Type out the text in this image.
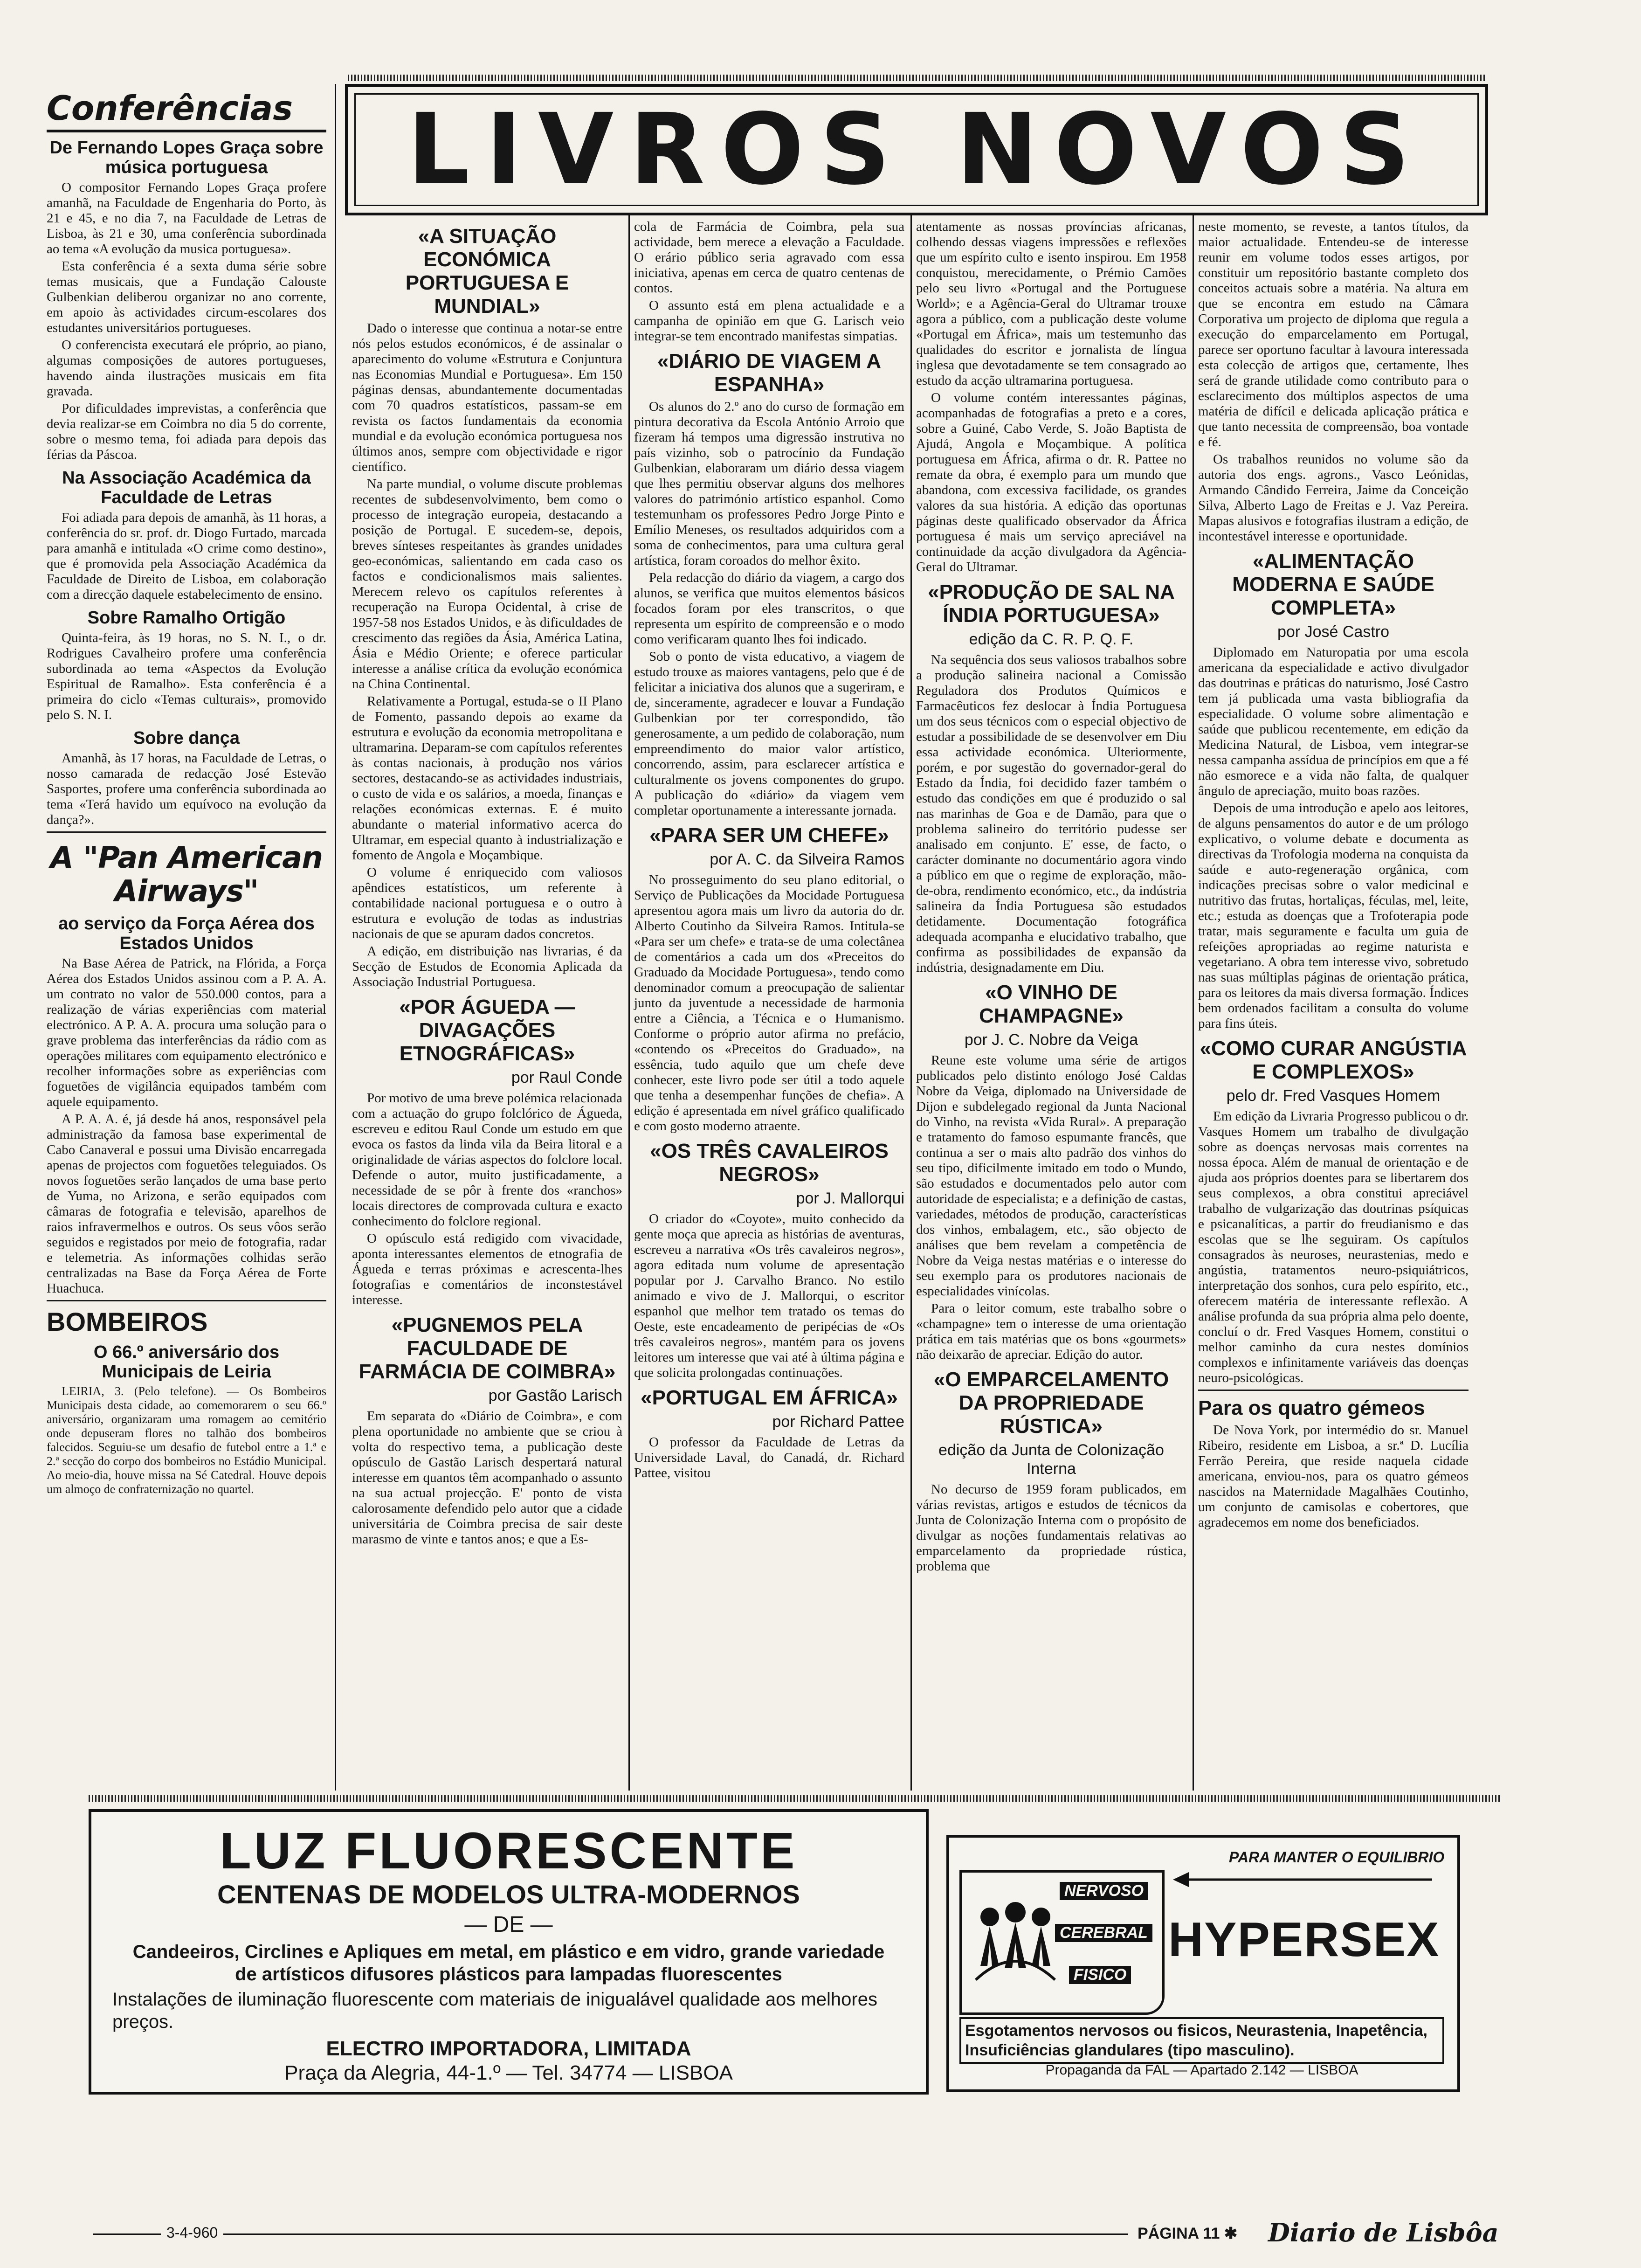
Conferências
De Fernando Lopes Graça sobre música portuguesa

O compositor Fernando Lopes Graça profere amanhã, na Faculdade de Engenharia do Porto, às 21 e 45, e no dia 7, na Faculdade de Letras de Lisboa, às 21 e 30, uma conferência subordinada ao tema «A evolução da musica portuguesa».

Esta conferência é a sexta duma série sobre temas musicais, que a Fundação Calouste Gulbenkian deliberou organizar no ano corrente, em apoio às actividades circum-escolares dos estudantes universitários portugueses.

O conferencista executará ele próprio, ao piano, algumas composições de autores portugueses, havendo ainda ilustrações musicais em fita gravada.

Por dificuldades imprevistas, a conferência que devia realizar-se em Coimbra no dia 5 do corrente, sobre o mesmo tema, foi adiada para depois das férias da Páscoa.

Na Associação Académica da Faculdade de Letras

Foi adiada para depois de amanhã, às 11 horas, a conferência do sr. prof. dr. Diogo Furtado, marcada para amanhã e intitulada «O crime como destino», que é promovida pela Associação Académica da Faculdade de Direito de Lisboa, em colaboração com a direcção daquele estabelecimento de ensino.

Sobre Ramalho Ortigão

Quinta-feira, às 19 horas, no S. N. I., o dr. Rodrigues Cavalheiro profere uma conferência subordinada ao tema «Aspectos da Evolução Espiritual de Ramalho». Esta conferência é a primeira do ciclo «Temas culturais», promovido pelo S. N. I.

Sobre dança

Amanhã, às 17 horas, na Faculdade de Letras, o nosso camarada de redacção José Estevão Sasportes, profere uma conferência subordinada ao tema «Terá havido um equívoco na evolução da dança?».

A "Pan American Airways"
ao serviço da Força Aérea dos Estados Unidos

Na Base Aérea de Patrick, na Flórida, a Força Aérea dos Estados Unidos assinou com a P. A. A. um contrato no valor de 550.000 contos, para a realização de várias experiências com material electrónico. A P. A. A. procura uma solução para o grave problema das interferências da rádio com as operações militares com equipamento electrónico e recolher informações sobre as experiências com foguetões de vigilância equipados também com aquele equipamento.

A P. A. A. é, já desde há anos, responsável pela administração da famosa base experimental de Cabo Canaveral e possui uma Divisão encarregada apenas de projectos com foguetões teleguiados. Os novos foguetões serão lançados de uma base perto de Yuma, no Arizona, e serão equipados com câmaras de fotografia e televisão, aparelhos de raios infravermelhos e outros. Os seus vôos serão seguidos e registados por meio de fotografia, radar e telemetria. As informações colhidas serão centralizadas na Base da Força Aérea de Forte Huachuca.

BOMBEIROS
O 66.º aniversário dos Municipais de Leiria

LEIRIA, 3. (Pelo telefone). — Os Bombeiros Municipais desta cidade, ao comemorarem o seu 66.º aniversário, organizaram uma romagem ao cemitério onde depuseram flores no talhão dos bombeiros falecidos. Seguiu-se um desafio de futebol entre a 1.ª e 2.ª secção do corpo dos bombeiros no Estádio Municipal. Ao meio-dia, houve missa na Sé Catedral. Houve depois um almoço de confraternização no quartel.

LIVROS NOVOS
«A SITUAÇÃO ECONÓMICA PORTUGUESA E MUNDIAL»

Dado o interesse que continua a notar-se entre nós pelos estudos económicos, é de assinalar o aparecimento do volume «Estrutura e Conjuntura nas Economias Mundial e Portuguesa». Em 150 páginas densas, abundantemente documentadas com 70 quadros estatísticos, passam-se em revista os factos fundamentais da economia mundial e da evolução económica portuguesa nos últimos anos, sempre com objectividade e rigor científico.

Na parte mundial, o volume discute problemas recentes de subdesenvolvimento, bem como o processo de integração europeia, destacando a posição de Portugal. E sucedem-se, depois, breves sínteses respeitantes às grandes unidades geo-económicas, salientando em cada caso os factos e condicionalismos mais salientes. Merecem relevo os capítulos referentes à recuperação na Europa Ocidental, à crise de 1957-58 nos Estados Unidos, e às dificuldades de crescimento das regiões da Ásia, América Latina, Ásia e Médio Oriente; e oferece particular interesse a análise crítica da evolução económica na China Continental.

Relativamente a Portugal, estuda-se o II Plano de Fomento, passando depois ao exame da estrutura e evolução da economia metropolitana e ultramarina. Deparam-se com capítulos referentes às contas nacionais, à produção nos vários sectores, destacando-se as actividades industriais, o custo de vida e os salários, a moeda, finanças e relações económicas externas. E é muito abundante o material informativo acerca do Ultramar, em especial quanto à industrialização e fomento de Angola e Moçambique.

O volume é enriquecido com valiosos apêndices estatísticos, um referente à contabilidade nacional portuguesa e o outro à estrutura e evolução de todas as industrias nacionais de que se apuram dados concretos.

A edição, em distribuição nas livrarias, é da Secção de Estudos de Economia Aplicada da Associação Industrial Portuguesa.

«POR ÁGUEDA — DIVAGAÇÕES ETNOGRÁFICAS»
por Raul Conde

Por motivo de uma breve polémica relacionada com a actuação do grupo folclórico de Águeda, escreveu e editou Raul Conde um estudo em que evoca os fastos da linda vila da Beira litoral e a originalidade de várias aspectos do folclore local. Defende o autor, muito justificadamente, a necessidade de se pôr à frente dos «ranchos» locais directores de comprovada cultura e exacto conhecimento do folclore regional.

O opúsculo está redigido com vivacidade, aponta interessantes elementos de etnografia de Águeda e terras próximas e acrescenta-lhes fotografias e comentários de inconstestável interesse.

«PUGNEMOS PELA FACULDADE DE FARMÁCIA DE COIMBRA»
por Gastão Larisch

Em separata do «Diário de Coimbra», e com plena oportunidade no ambiente que se criou à volta do respectivo tema, a publicação deste opúsculo de Gastão Larisch despertará natural interesse em quantos têm acompanhado o assunto na sua actual projecção. E' ponto de vista calorosamente defendido pelo autor que a cidade universitária de Coimbra precisa de sair deste marasmo de vinte e tantos anos; e que a Es-

cola de Farmácia de Coimbra, pela sua actividade, bem merece a elevação a Faculdade. O erário público seria agravado com essa iniciativa, apenas em cerca de quatro centenas de contos.

O assunto está em plena actualidade e a campanha de opinião em que G. Larisch veio integrar-se tem encontrado manifestas simpatias.

«DIÁRIO DE VIAGEM A ESPANHA»

Os alunos do 2.º ano do curso de formação em pintura decorativa da Escola António Arroio que fizeram há tempos uma digressão instrutiva no país vizinho, sob o patrocínio da Fundação Gulbenkian, elaboraram um diário dessa viagem que lhes permitiu observar alguns dos melhores valores do património artístico espanhol. Como testemunham os professores Pedro Jorge Pinto e Emílio Meneses, os resultados adquiridos com a soma de conhecimentos, para uma cultura geral artística, foram coroados do melhor êxito.

Pela redacção do diário da viagem, a cargo dos alunos, se verifica que muitos elementos básicos focados foram por eles transcritos, o que representa um espírito de compreensão e o modo como verificaram quanto lhes foi indicado.

Sob o ponto de vista educativo, a viagem de estudo trouxe as maiores vantagens, pelo que é de felicitar a iniciativa dos alunos que a sugeriram, e de, sinceramente, agradecer e louvar a Fundação Gulbenkian por ter correspondido, tão generosamente, a um pedido de colaboração, num empreendimento do maior valor artístico, concorrendo, assim, para esclarecer artística e culturalmente os jovens componentes do grupo. A publicação do «diário» da viagem vem completar oportunamente a interessante jornada.

«PARA SER UM CHEFE»
por A. C. da Silveira Ramos

No prosseguimento do seu plano editorial, o Serviço de Publicações da Mocidade Portuguesa apresentou agora mais um livro da autoria do dr. Alberto Coutinho da Silveira Ramos. Intitula-se «Para ser um chefe» e trata-se de uma colectânea de comentários a cada um dos «Preceitos do Graduado da Mocidade Portuguesa», tendo como denominador comum a preocupação de salientar junto da juventude a necessidade de harmonia entre a Ciência, a Técnica e o Humanismo. Conforme o próprio autor afirma no prefácio, «contendo os «Preceitos do Graduado», na essência, tudo aquilo que um chefe deve conhecer, este livro pode ser útil a todo aquele que tenha a desempenhar funções de chefia». A edição é apresentada em nível gráfico qualificado e com gosto moderno atraente.

«OS TRÊS CAVALEIROS NEGROS»
por J. Mallorqui

O criador do «Coyote», muito conhecido da gente moça que aprecia as histórias de aventuras, escreveu a narrativa «Os três cavaleiros negros», agora editada num volume de apresentação popular por J. Carvalho Branco. No estilo animado e vivo de J. Mallorqui, o escritor espanhol que melhor tem tratado os temas do Oeste, este encadeamento de peripécias de «Os três cavaleiros negros», mantém para os jovens leitores um interesse que vai até à última página e que solicita prolongadas continuações.

«PORTUGAL EM ÁFRICA»
por Richard Pattee

O professor da Faculdade de Letras da Universidade Laval, do Canadá, dr. Richard Pattee, visitou

atentamente as nossas províncias africanas, colhendo dessas viagens impressões e reflexões que um espírito culto e isento inspirou. Em 1958 conquistou, merecidamente, o Prémio Camões pelo seu livro «Portugal and the Portuguese World»; e a Agência-Geral do Ultramar trouxe agora a público, com a publicação deste volume «Portugal em África», mais um testemunho das qualidades do escritor e jornalista de língua inglesa que devotadamente se tem consagrado ao estudo da acção ultramarina portuguesa.

O volume contém interessantes páginas, acompanhadas de fotografias a preto e a cores, sobre a Guiné, Cabo Verde, S. João Baptista de Ajudá, Angola e Moçambique. A política portuguesa em África, afirma o dr. R. Pattee no remate da obra, é exemplo para um mundo que abandona, com excessiva facilidade, os grandes valores da sua história. A edição das oportunas páginas deste qualificado observador da África portuguesa é mais um serviço apreciável na continuidade da acção divulgadora da Agência-Geral do Ultramar.

«PRODUÇÃO DE SAL NA ÍNDIA PORTUGUESA»
edição da C. R. P. Q. F.

Na sequência dos seus valiosos trabalhos sobre a produção salineira nacional a Comissão Reguladora dos Produtos Químicos e Farmacêuticos fez deslocar à Índia Portuguesa um dos seus técnicos com o especial objectivo de estudar a possibilidade de se desenvolver em Diu essa actividade económica. Ulteriormente, porém, e por sugestão do governador-geral do Estado da Índia, foi decidido fazer também o estudo das condições em que é produzido o sal nas marinhas de Goa e de Damão, para que o problema salineiro do território pudesse ser analisado em conjunto. E' esse, de facto, o carácter dominante no documentário agora vindo a público em que o regime de exploração, mão-de-obra, rendimento económico, etc., da indústria salineira da Índia Portuguesa são estudados detidamente. Documentação fotográfica adequada acompanha e elucidativo trabalho, que confirma as possibilidades de expansão da indústria, designadamente em Diu.

«O VINHO DE CHAMPAGNE»
por J. C. Nobre da Veiga

Reune este volume uma série de artigos publicados pelo distinto enólogo José Caldas Nobre da Veiga, diplomado na Universidade de Dijon e subdelegado regional da Junta Nacional do Vinho, na revista «Vida Rural». A preparação e tratamento do famoso espumante francês, que continua a ser o mais alto padrão dos vinhos do seu tipo, dificilmente imitado em todo o Mundo, são estudados e documentados pelo autor com autoridade de especialista; e a definição de castas, variedades, métodos de produção, características dos vinhos, embalagem, etc., são objecto de análises que bem revelam a competência de Nobre da Veiga nestas matérias e o interesse do seu exemplo para os produtores nacionais de especialidades vinícolas.

Para o leitor comum, este trabalho sobre o «champagne» tem o interesse de uma orientação prática em tais matérias que os bons «gourmets» não deixarão de apreciar. Edição do autor.

«O EMPARCELAMENTO DA PROPRIEDADE RÚSTICA»
edição da Junta de Colonização Interna

No decurso de 1959 foram publicados, em várias revistas, artigos e estudos de técnicos da Junta de Colonização Interna com o propósito de divulgar as noções fundamentais relativas ao emparcelamento da propriedade rústica, problema que

neste momento, se reveste, a tantos títulos, da maior actualidade. Entendeu-se de interesse reunir em volume todos esses artigos, por constituir um repositório bastante completo dos conceitos actuais sobre a matéria. Na altura em que se encontra em estudo na Câmara Corporativa um projecto de diploma que regula a execução do emparcelamento em Portugal, parece ser oportuno facultar à lavoura interessada esta colecção de artigos que, certamente, lhes será de grande utilidade como contributo para o esclarecimento dos múltiplos aspectos de uma matéria de difícil e delicada aplicação prática e que tanto necessita de compreensão, boa vontade e fé.

Os trabalhos reunidos no volume são da autoria dos engs. agrons., Vasco Leónidas, Armando Cândido Ferreira, Jaime da Conceição Silva, Alberto Lago de Freitas e J. Vaz Pereira. Mapas alusivos e fotografias ilustram a edição, de incontestável interesse e oportunidade.

«ALIMENTAÇÃO MODERNA E SAÚDE COMPLETA»
por José Castro

Diplomado em Naturopatia por uma escola americana da especialidade e activo divulgador das doutrinas e práticas do naturismo, José Castro tem já publicada uma vasta bibliografia da especialidade. O volume sobre alimentação e saúde que publicou recentemente, em edição da Medicina Natural, de Lisboa, vem integrar-se nessa campanha assídua de princípios em que a fé não esmorece e a vida não falta, de qualquer ângulo de apreciação, muito boas razões.

Depois de uma introdução e apelo aos leitores, de alguns pensamentos do autor e de um prólogo explicativo, o volume debate e documenta as directivas da Trofologia moderna na conquista da saúde e auto-regeneração orgânica, com indicações precisas sobre o valor medicinal e nutritivo das frutas, hortaliças, féculas, mel, leite, etc.; estuda as doenças que a Trofoterapia pode tratar, mais seguramente e faculta um guia de refeições apropriadas ao regime naturista e vegetariano. A obra tem interesse vivo, sobretudo nas suas múltiplas páginas de orientação prática, para os leitores da mais diversa formação. Índices bem ordenados facilitam a consulta do volume para fins úteis.

«COMO CURAR ANGÚSTIA E COMPLEXOS»
pelo dr. Fred Vasques Homem

Em edição da Livraria Progresso publicou o dr. Vasques Homem um trabalho de divulgação sobre as doenças nervosas mais correntes na nossa época. Além de manual de orientação e de ajuda aos próprios doentes para se libertarem dos seus complexos, a obra constitui apreciável trabalho de vulgarização das doutrinas psíquicas e psicanalíticas, a partir do freudianismo e das escolas que se lhe seguiram. Os capítulos consagrados às neuroses, neurastenias, medo e angústia, tratamentos neuro-psiquiátricos, interpretação dos sonhos, cura pelo espírito, etc., oferecem matéria de interessante reflexão. A análise profunda da sua própria alma pelo doente, concluí o dr. Fred Vasques Homem, constitui o melhor caminho da cura nestes domínios complexos e infinitamente variáveis das doenças neuro-psicológicas.

Para os quatro gémeos

De Nova York, por intermédio do sr. Manuel Ribeiro, residente em Lisboa, a sr.ª D. Lucília Ferrão Pereira, que reside naquela cidade americana, enviou-nos, para os quatro gémeos nascidos na Maternidade Magalhães Coutinho, um conjunto de camisolas e cobertores, que agradecemos em nome dos beneficiados.

LUZ FLUORESCENTE
CENTENAS DE MODELOS ULTRA-MODERNOS
— DE —
Candeeiros, Circlines e Apliques em metal, em plástico e em vidro, grande variedade de artísticos difusores plásticos para lampadas fluorescentes
Instalações de iluminação fluorescente com materiais de inigualável qualidade aos melhores preços.
ELECTRO IMPORTADORA, LIMITADA
Praça da Alegria, 44-1.º — Tel. 34774 — LISBOA
PARA MANTER O EQUILIBRIO
NERVOSO
CEREBRAL
FISICO
HYPERSEX
Esgotamentos nervosos ou fisicos, Neurastenia, Inapetência, Insuficiências glandulares (tipo masculino).
Propaganda da FAL — Apartado 2.142 — LISBOA
3-4-960	PÁGINA 11 ✱ Diario de Lisbôa
